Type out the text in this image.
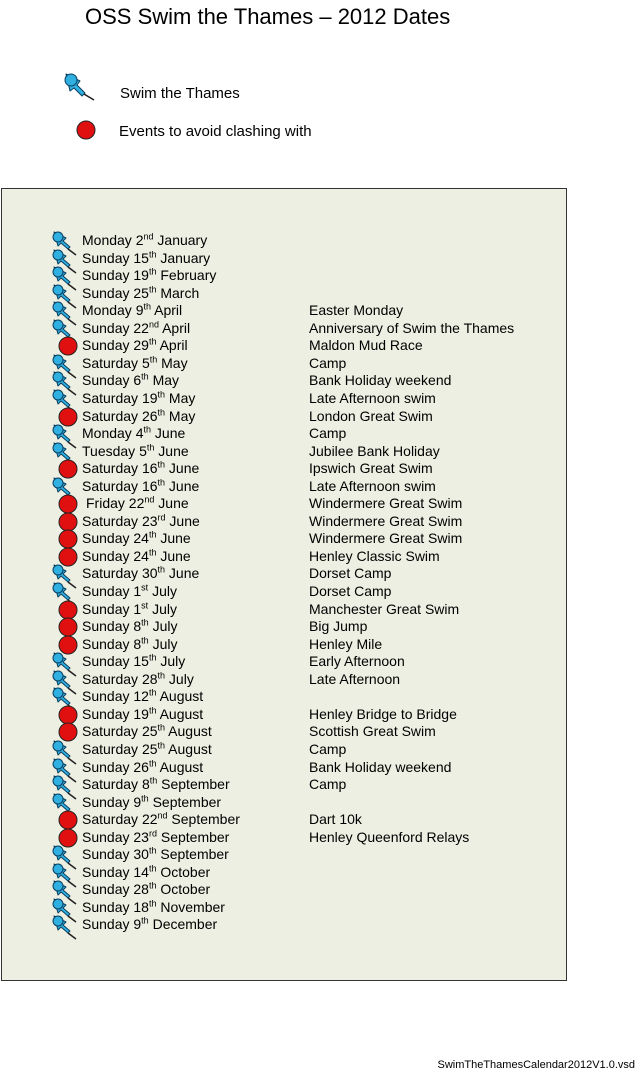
OSS Swim the Thames – 2012 Dates
Swim the Thames
Events to avoid clashing with
Monday 2nd January
Sunday 15th January
Sunday 19th February
Sunday 25th March
Monday 9th April	Easter Monday
Sunday 22nd April	Anniversary of Swim the Thames
Sunday 29th April	Maldon Mud Race
Saturday 5th May	Camp
Sunday 6th May	Bank Holiday weekend
Saturday 19th May	Late Afternoon swim
Saturday 26th May	London Great Swim
Monday 4th June	Camp
Tuesday 5th June	Jubilee Bank Holiday
Saturday 16th June	Ipswich Great Swim
Saturday 16th June	Late Afternoon swim
Friday 22nd June	Windermere Great Swim
Saturday 23rd June	Windermere Great Swim
Sunday 24th June	Windermere Great Swim
Sunday 24th June	Henley Classic Swim
Saturday 30th June	Dorset Camp
Sunday 1st July	Dorset Camp
Sunday 1st July	Manchester Great Swim
Sunday 8th July	Big Jump
Sunday 8th July	Henley Mile
Sunday 15th July	Early Afternoon
Saturday 28th July	Late Afternoon
Sunday 12th August
Sunday 19th August	Henley Bridge to Bridge
Saturday 25th August	Scottish Great Swim
Saturday 25th August	Camp
Sunday 26th August	Bank Holiday weekend
Saturday 8th September	Camp
Sunday 9th September
Saturday 22nd September	Dart 10k
Sunday 23rd September	Henley Queenford Relays
Sunday 30th September
Sunday 14th October
Sunday 28th October
Sunday 18th November
Sunday 9th December
SwimTheThamesCalendar2012V1.0.vsd
